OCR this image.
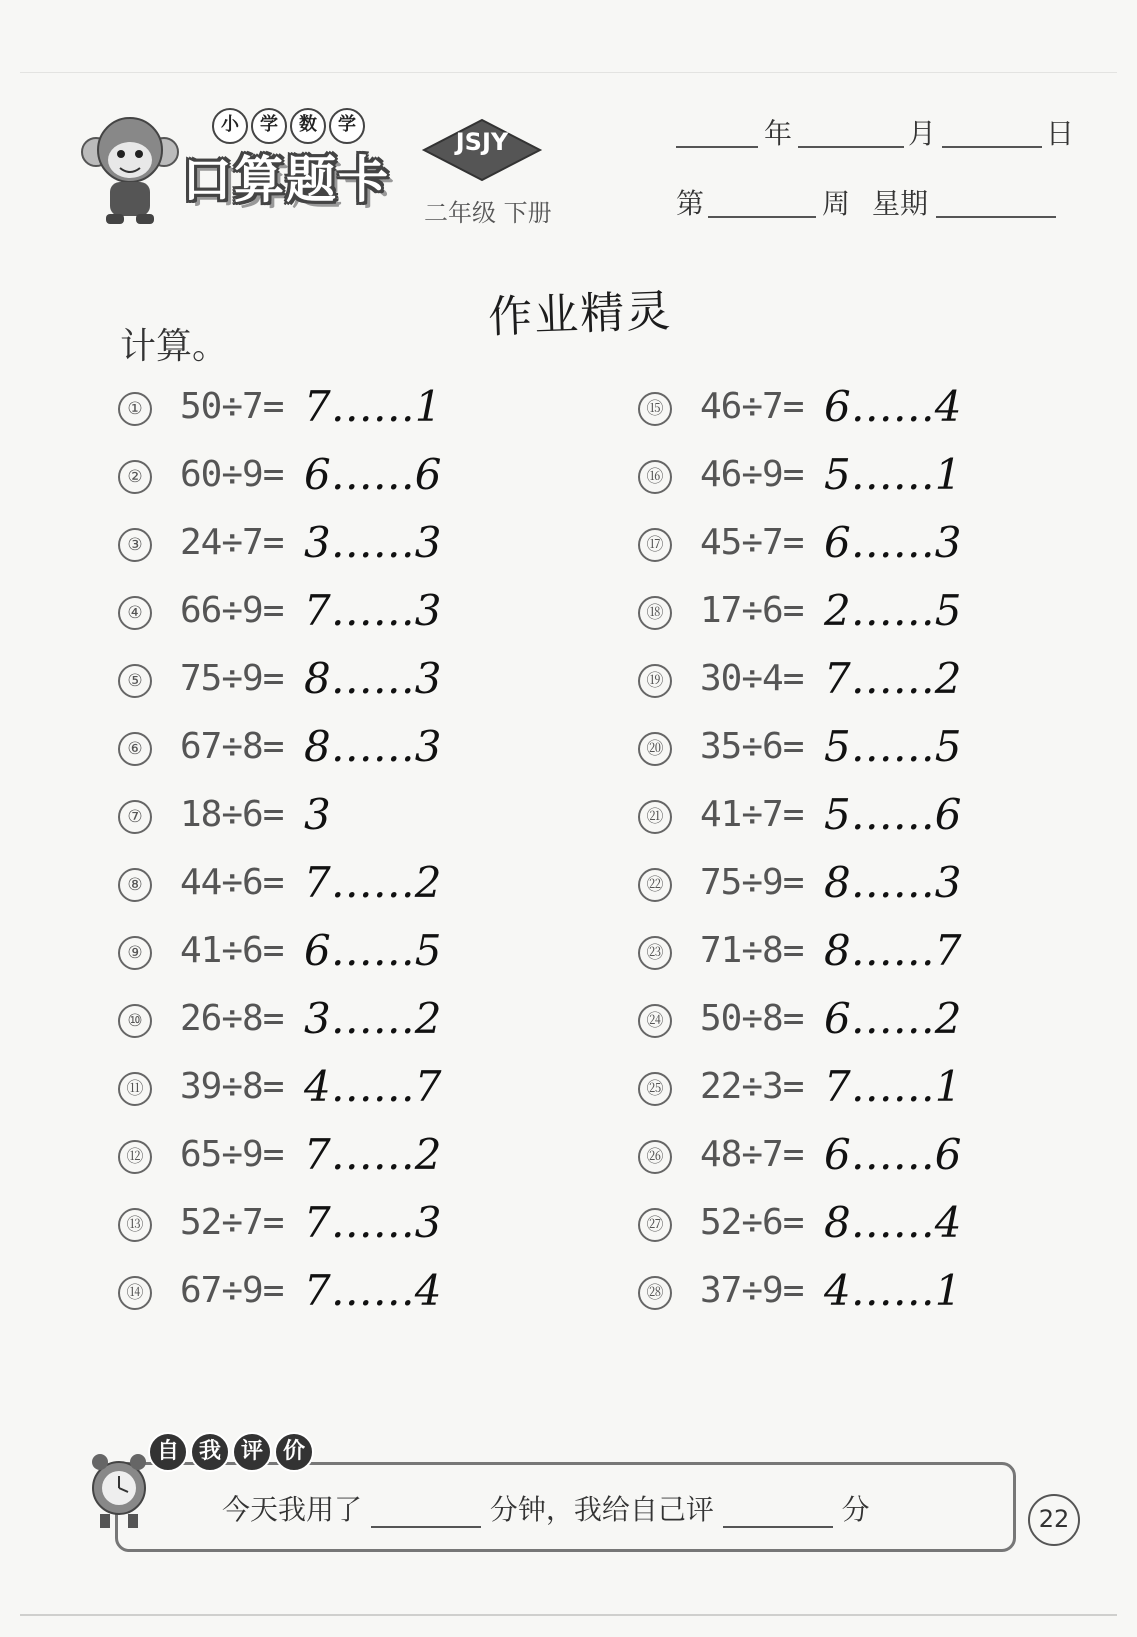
小	学	数	学
口算题卡
JSJY
二年级 下册
年	月	日
第	周 星期
作业精灵
计算。
① 50÷7= 7……1
② 60÷9= 6……6
③ 24÷7= 3……3
④ 66÷9= 7……3
⑤ 75÷9= 8……3
⑥ 67÷8= 8……3
⑦ 18÷6= 3
⑧ 44÷6= 7……2
⑨ 41÷6= 6……5
⑩ 26÷8= 3……2
⑪ 39÷8= 4……7
⑫ 65÷9= 7……2
⑬ 52÷7= 7……3
⑭ 67÷9= 7……4
⑮ 46÷7= 6……4
⑯ 46÷9= 5……1
⑰ 45÷7= 6……3
⑱ 17÷6= 2……5
⑲ 30÷4= 7……2
⑳ 35÷6= 5……5
㉑ 41÷7= 5……6
㉒ 75÷9= 8……3
㉓ 71÷8= 8……7
㉔ 50÷8= 6……2
㉕ 22÷3= 7……1
㉖ 48÷7= 6……6
㉗ 52÷6= 8……4
㉘ 37÷9= 4……1
自 我 评 价
今天我用了	分钟，我给自己评	分	22
